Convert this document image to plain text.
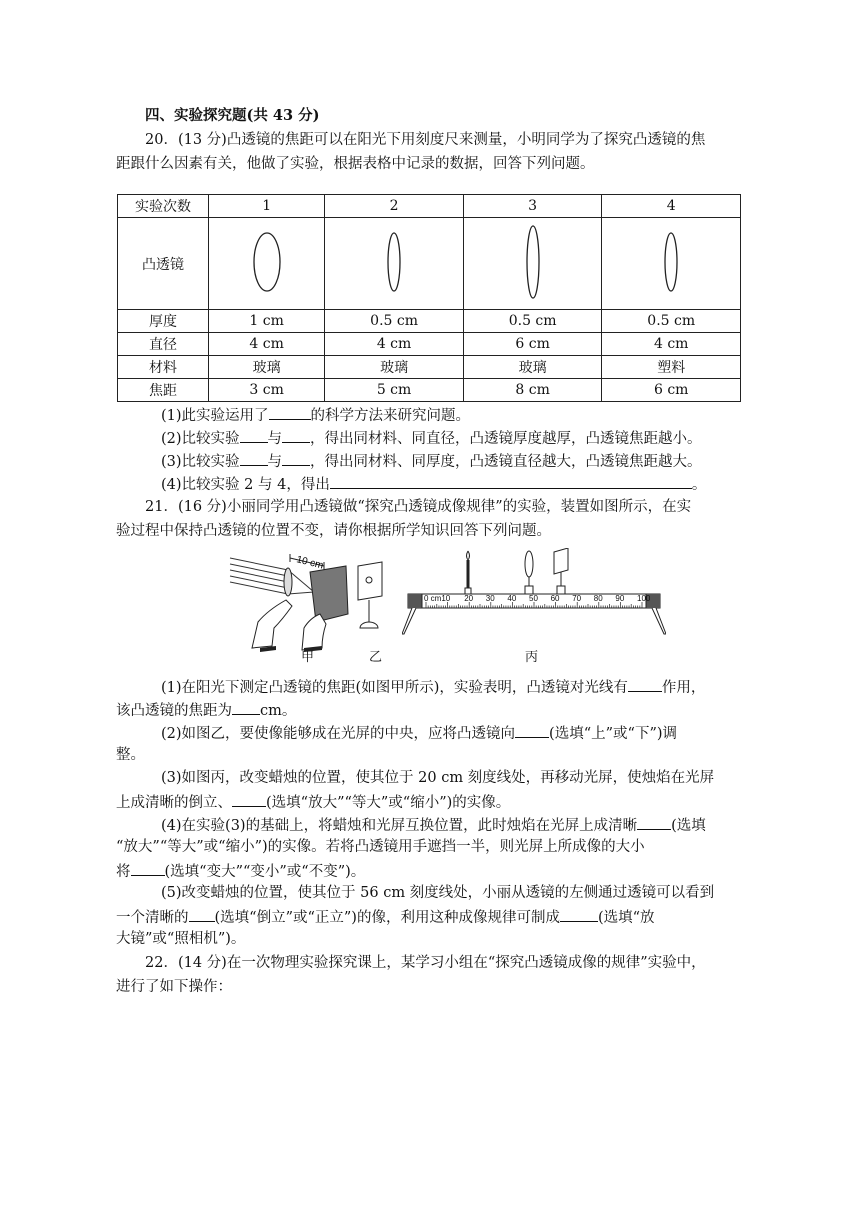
四、实验探究题(共 43 分)
20．(13 分)凸透镜的焦距可以在阳光下用刻度尺来测量，小明同学为了探究凸透镜的焦
距跟什么因素有关，他做了实验，根据表格中记录的数据，回答下列问题。
实验次数	1	2	3	4
凸透镜				
厚度	1 cm	0.5 cm	0.5 cm	0.5 cm
直径	4 cm	4 cm	6 cm	4 cm
材料	玻璃	玻璃	玻璃	塑料
焦距	3 cm	5 cm	8 cm	6 cm
(1)此实验运用了	的科学方法来研究问题。
(2)比较实验 与 ，得出同材料、同直径，凸透镜厚度越厚，凸透镜焦距越小。
(3)比较实验 与 ，得出同材料、同厚度，凸透镜直径越大，凸透镜焦距越大。
(4)比较实验 2 与 4，得出	。
21．(16 分)小丽同学用凸透镜做“探究凸透镜成像规律”的实验，装置如图所示，在实
验过程中保持凸透镜的位置不变，请你根据所学知识回答下列问题。
10 cm
0 cm10 20 30 40 50 60 70 80 90 100
甲	乙	丙
(1)在阳光下测定凸透镜的焦距(如图甲所示)，实验表明，凸透镜对光线有 作用，
该凸透镜的焦距为 cm。
(2)如图乙，要使像能够成在光屏的中央，应将凸透镜向 (选填“上”或“下”)调
整。
(3)如图丙，改变蜡烛的位置，使其位于 20 cm 刻度线处，再移动光屏，使烛焰在光屏
上成清晰的倒立、 (选填“放大”“等大”或“缩小”)的实像。
(4)在实验(3)的基础上，将蜡烛和光屏互换位置，此时烛焰在光屏上成清晰 (选填
“放大”“等大”或“缩小”)的实像。若将凸透镜用手遮挡一半，则光屏上所成像的大小
将 (选填“变大”“变小”或“不变”)。
(5)改变蜡烛的位置，使其位于 56 cm 刻度线处，小丽从透镜的左侧通过透镜可以看到
一个清晰的 (选填“倒立”或“正立”)的像，利用这种成像规律可制成	(选填“放
大镜”或“照相机”)。
22．(14 分)在一次物理实验探究课上，某学习小组在“探究凸透镜成像的规律”实验中，
进行了如下操作：
